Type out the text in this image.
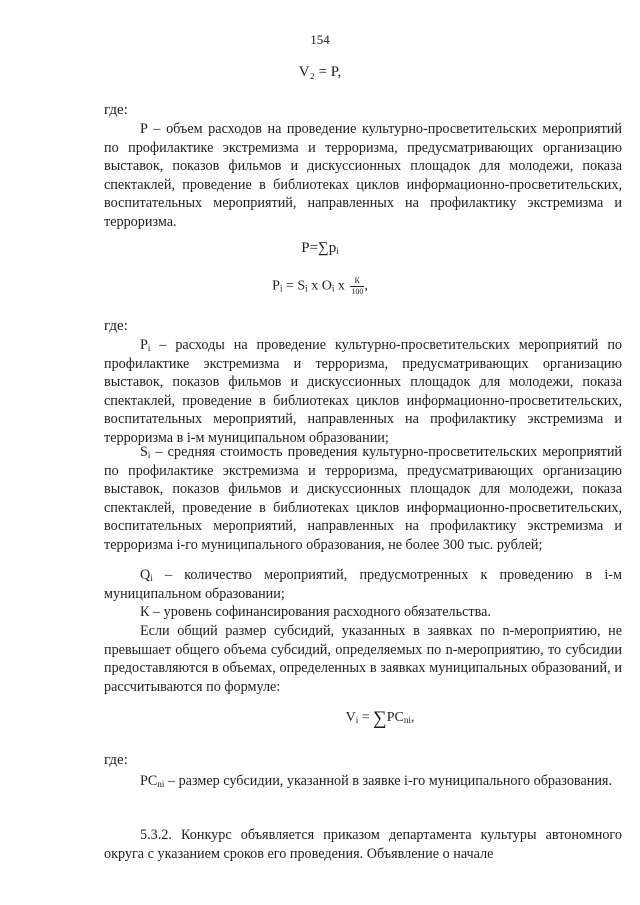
154
V₂ = P,
где:
Р – объем расходов на проведение культурно-просветительских мероприятий по профилактике экстремизма и терроризма, предусматривающих организацию выставок, показов фильмов и дискуссионных площадок для молодежи, показа спектаклей, проведение в библиотеках циклов информационно-просветительских, воспитательных мероприятий, направленных на профилактику экстремизма и терроризма.
$P=\sum p_i$
$P_i = S_i$ x $O_i$ x $\frac{К}{100}$ ,
где:
$P_i$ – расходы на проведение культурно-просветительских мероприятий по профилактике экстремизма и терроризма, предусматривающих организацию выставок, показов фильмов и дискуссионных площадок для молодежи, показа спектаклей, проведение в библиотеках циклов информационно-просветительских, воспитательных мероприятий, направленных на профилактику экстремизма и терроризма в i-м муниципальном образовании;
$S_i$ – средняя стоимость проведения культурно-просветительских мероприятий по профилактике экстремизма и терроризма, предусматривающих организацию выставок, показов фильмов и дискуссионных площадок для молодежи, показа спектаклей, проведение в библиотеках циклов информационно-просветительских, воспитательных мероприятий, направленных на профилактику экстремизма и терроризма i-го муниципального образования, не более 300 тыс. рублей;
$Q_i$ – количество мероприятий, предусмотренных к проведению в i-м муниципальном образовании;
К – уровень софинансирования расходного обязательства.
Если общий размер субсидий, указанных в заявках по n-мероприятию, не превышает общего объема субсидий, определяемых по n-мероприятию, то субсидии предоставляются в объемах, определенных в заявках муниципальных образований, и рассчитываются по формуле:
$V_i = \sum PC_{ni}$,
где:
$PC_{ni}$ – размер субсидии, указанной в заявке i-го муниципального образования.
5.3.2. Конкурс объявляется приказом департамента культуры автономного округа с указанием сроков его проведения. Объявление о начале
